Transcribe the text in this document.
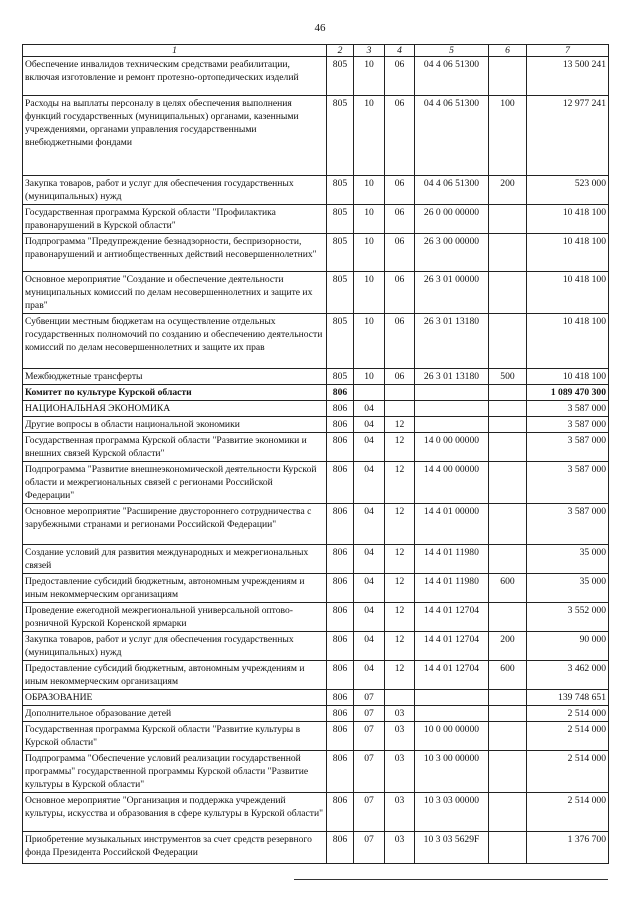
46
1	2	3	4	5	6	7
Обеспечение инвалидов техническим средствами реабилитации, включая изготовление и ремонт протезно-ортопедических изделий	805	10	06	04 4 06 51300		13 500 241
Расходы на выплаты персоналу в целях обеспечения выполнения функций государственных (муниципальных) органами, казенными учреждениями, органами управления государственными внебюджетными фондами	805	10	06	04 4 06 51300	100	12 977 241
Закупка товаров, работ и услуг для обеспечения государственных (муниципальных) нужд	805	10	06	04 4 06 51300	200	523 000
Государственная программа Курской области "Профилактика правонарушений в Курской области"	805	10	06	26 0 00 00000		10 418 100
Подпрограмма "Предупреждение безнадзорности, беспризорности, правонарушений и антиобщественных действий несовершеннолетних"	805	10	06	26 3 00 00000		10 418 100
Основное мероприятие "Создание и обеспечение деятельности муниципальных комиссий по делам несовершеннолетних и защите их прав"	805	10	06	26 3 01 00000		10 418 100
Субвенции местным бюджетам на осуществление отдельных государственных полномочий по созданию и обеспечению деятельности комиссий по делам несовершеннолетних и защите их прав	805	10	06	26 3 01 13180		10 418 100
Межбюджетные трансферты	805	10	06	26 3 01 13180	500	10 418 100
Комитет по культуре Курской области	806					1 089 470 300
НАЦИОНАЛЬНАЯ ЭКОНОМИКА	806	04				3 587 000
Другие вопросы в области национальной экономики	806	04	12			3 587 000
Государственная программа Курской области "Развитие экономики и внешних связей Курской области"	806	04	12	14 0 00 00000		3 587 000
Подпрограмма "Развитие внешнеэкономической деятельности Курской области и межрегиональных связей с регионами Российской Федерации"	806	04	12	14 4 00 00000		3 587 000
Основное мероприятие "Расширение двустороннего сотрудничества с зарубежными странами и регионами Российской Федерации"	806	04	12	14 4 01 00000		3 587 000
Создание условий для развития международных и межрегиональных связей	806	04	12	14 4 01 11980		35 000
Предоставление субсидий бюджетным, автономным учреждениям и иным некоммерческим организациям	806	04	12	14 4 01 11980	600	35 000
Проведение ежегодной межрегиональной универсальной оптово-розничной Курской Коренской ярмарки	806	04	12	14 4 01 12704		3 552 000
Закупка товаров, работ и услуг для обеспечения государственных (муниципальных) нужд	806	04	12	14 4 01 12704	200	90 000
Предоставление субсидий бюджетным, автономным учреждениям и иным некоммерческим организациям	806	04	12	14 4 01 12704	600	3 462 000
ОБРАЗОВАНИЕ	806	07				139 748 651
Дополнительное образование детей	806	07	03			2 514 000
Государственная программа Курской области "Развитие культуры в Курской области"	806	07	03	10 0 00 00000		2 514 000
Подпрограмма "Обеспечение условий реализации государственной программы" государственной программы Курской области "Развитие культуры в Курской области"	806	07	03	10 3 00 00000		2 514 000
Основное мероприятие "Организация и поддержка учреждений культуры, искусства и образования в сфере культуры в Курской области"	806	07	03	10 3 03 00000		2 514 000
Приобретение музыкальных инструментов за счет средств резервного фонда Президента Российской Федерации	806	07	03	10 3 03 5629F		1 376 700
